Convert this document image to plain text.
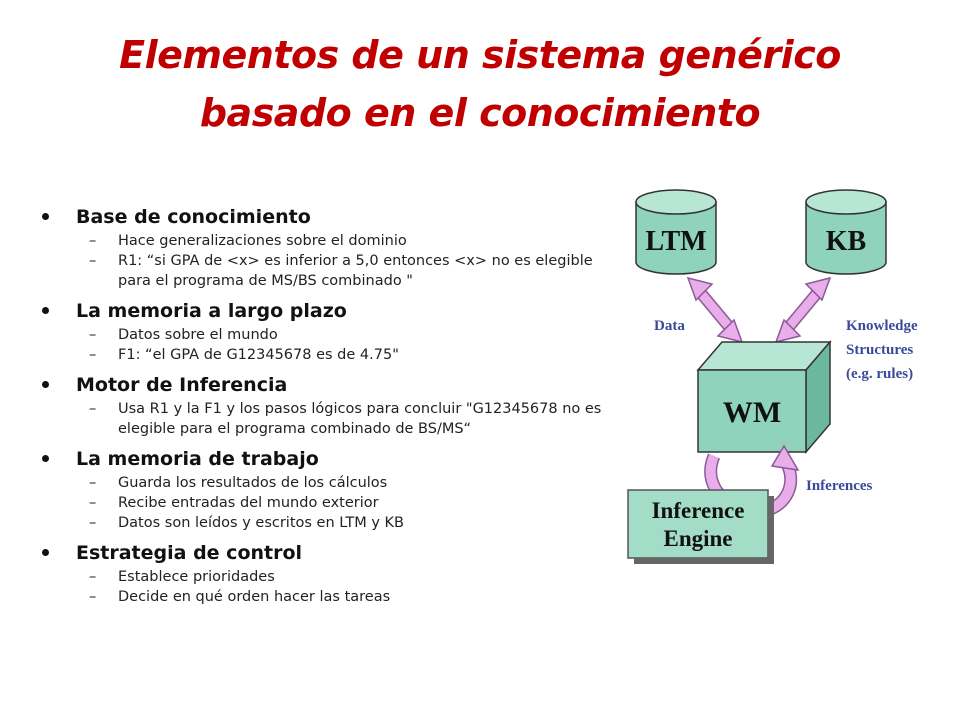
Elementos de un sistema genérico
basado en el conocimiento
Base de conocimiento
– Hace generalizaciones sobre el dominio
– R1: “si GPA de <x> es inferior a 5,0 entonces <x> no es elegible para el programa de MS/BS combinado "
La memoria a largo plazo
– Datos sobre el mundo
– F1: “el GPA de G12345678 es de 4.75"
Motor de Inferencia
– Usa R1 y la F1 y los pasos lógicos para concluir "G12345678 no es elegible para el programa combinado de BS/MS“
La memoria de trabajo
– Guarda los resultados de los cálculos
– Recibe entradas del mundo exterior
– Datos son leídos y escritos en LTM y KB
Estrategia de control
– Establece prioridades
– Decide en qué orden hacer las tareas
LTM	KB
Data	Knowledge
Structures
(e.g. rules)
WM
Inferences
Inference
Engine
